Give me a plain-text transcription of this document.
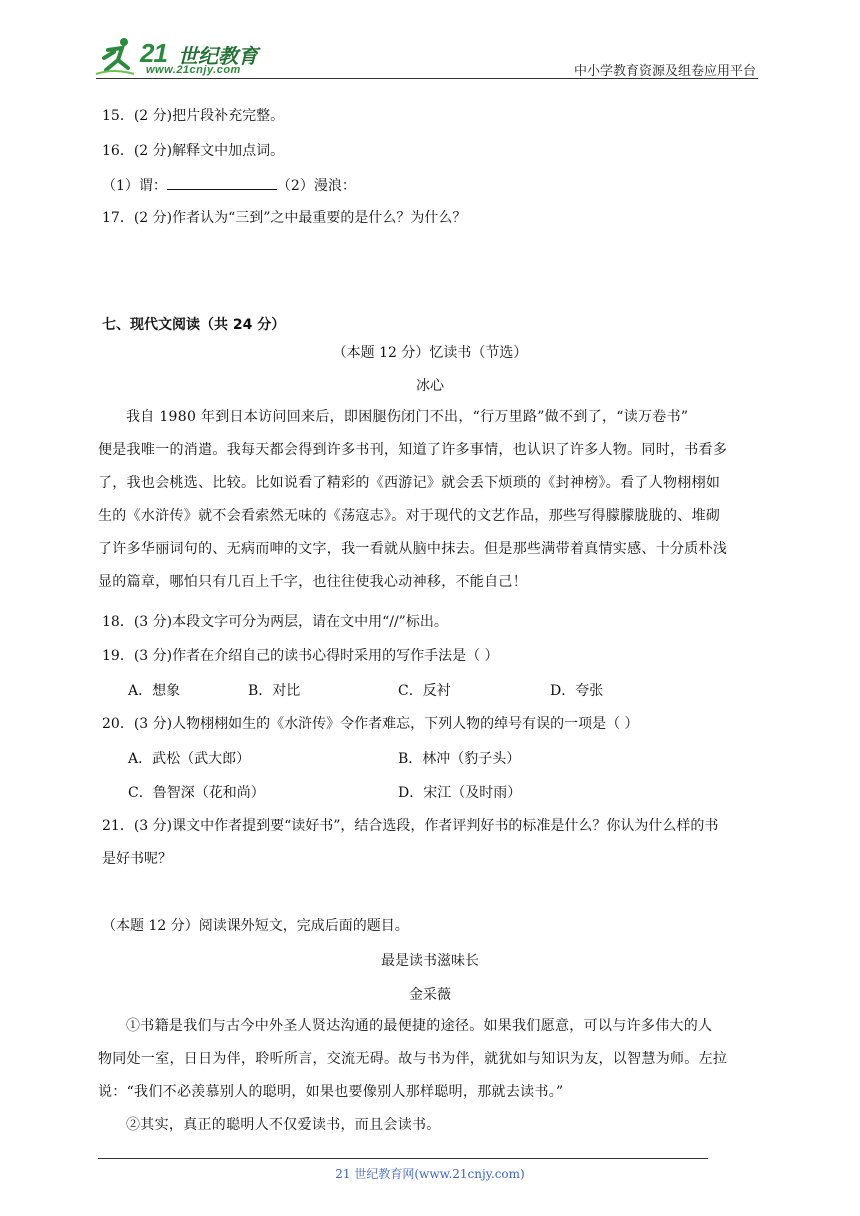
21 世纪教育
www.21cnjy.com	中小学教育资源及组卷应用平台
15．(2 分)把片段补充完整。
16．(2 分)解释文中加点词。
（1）谓：	（2）漫浪：
17．(2 分)作者认为“三到”之中最重要的是什么？为什么？
七、现代文阅读（共 24 分）
（本题 12 分）忆读书（节选）
冰心
我自 1980 年到日本访问回来后，即困腿伤闭门不出，“行万里路”做不到了，“读万卷书”
便是我唯一的消遣。我每天都会得到许多书刊，知道了许多事情，也认识了许多人物。同时，书看多
了，我也会桃选、比较。比如说看了精彩的《西游记》就会丢下烦琐的《封神榜》。看了人物栩栩如
生的《水浒传》就不会看索然无味的《荡寇志》。对于现代的文艺作品，那些写得朦朦胧胧的、堆砌
了许多华丽词句的、无病而呻的文字，我一看就从脑中抹去。但是那些满带着真情实感、十分质朴浅
显的篇章，哪怕只有几百上千字，也往往使我心动神移，不能自己！
18．(3 分)本段文字可分为两层，请在文中用“//”标出。
19．(3 分)作者在介绍自己的读书心得时采用的写作手法是（ ）
A．想象	B．对比	C．反衬	D．夸张
20．(3 分)人物栩栩如生的《水浒传》令作者难忘，下列人物的绰号有误的一项是（ ）
A．武松（武大郎）	B．林冲（豹子头）
C．鲁智深（花和尚）	D．宋江（及时雨）
21．(3 分)课文中作者提到要“读好书”，结合选段，作者评判好书的标准是什么？你认为什么样的书
是好书呢？
（本题 12 分）阅读课外短文，完成后面的题目。
最是读书滋味长
金采薇
①书籍是我们与古今中外圣人贤达沟通的最便捷的途径。如果我们愿意，可以与许多伟大的人
物同处一室，日日为伴，聆听所言，交流无碍。故与书为伴，就犹如与知识为友，以智慧为师。左拉
说：“我们不必羡慕别人的聪明，如果也要像别人那样聪明，那就去读书。”
②其实，真正的聪明人不仅爱读书，而且会读书。
21 世纪教育网(www.21cnjy.com)
